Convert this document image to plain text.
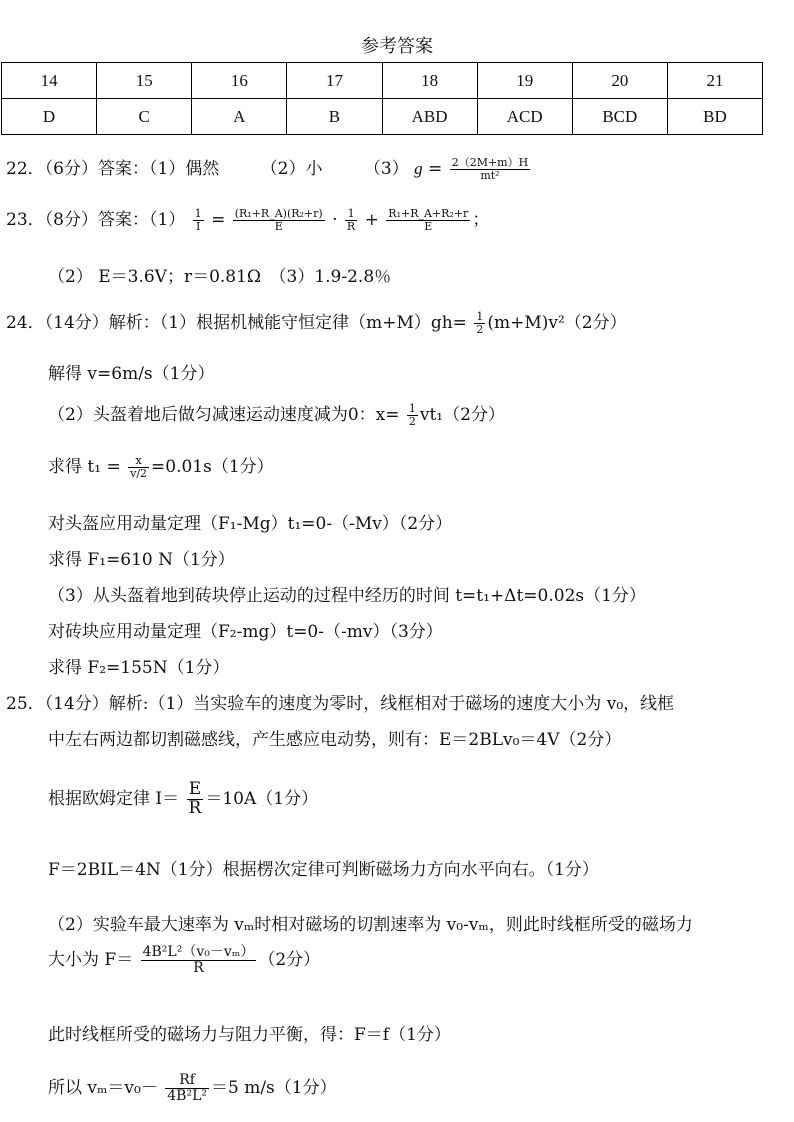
参考答案
14	15	16	17	18	19	20	21
D	C	A	B	ABD	ACD	BCD	BD
22．（6分）答案：（1）偶然 （2）小 （3） $g = \frac{2(2M+m)H}{\text{mt²}}$
23．（8分）答案：$(1) \frac{1}{I} = \frac{\text{(R₁+R\_A)(R₂+r)}}{E} \cdot \frac{1}{R} + \frac{\text{R₁+R\_A+R₂+r}}{E}$ ；
（2） E＝3.6V；r＝0.81Ω　（3）1.9-2.8％
24．（14分）解析：（1）根据机械能守恒定律$(m+M)gh= \frac{1}{2} (m+M)v^2(2$分）
解得 v=6m/s（1分）
（2）头盔着地后做匀减速运动速度减为0：$x= \frac{1}{2} vt_1(2$分）
求得 $t_1 = \frac{x}{v/2} =0.01s(1$分）
对头盔应用动量定理（F₁-Mg）t₁=0-（-Mv）（2分）
求得 F₁=610 N（1分）
（3）从头盔着地到砖块停止运动的过程中经历的时间 t=t₁+Δt=0.02s（1分）
对砖块应用动量定理（F₂-mg）t=0-（-mv）（3分）
求得 F₂=155N（1分）
25．（14分）解析:（1）当实验车的速度为零时，线框相对于磁场的速度大小为 v₀，线框
中左右两边都切割磁感线，产生感应电动势，则有：E＝2BLv₀＝4V（2分）
根据欧姆定律 $I= \frac{E}{R} =10A(1$分）
F＝2BIL＝4N（1分）根据楞次定律可判断磁场力方向水平向右。（1分）
（2）实验车最大速率为 vₘ时相对磁场的切割速率为 v₀-vₘ，则此时线框所受的磁场力
大小为 $F= \frac{\text{4B²L²（v₀－vₘ）}}{R} (2$分）
此时线框所受的磁场力与阻力平衡，得：F＝f（1分）
所以 $v_m=v_0- \frac{Rf}{\text{4B²L²}} =5$ m/s（1分）
